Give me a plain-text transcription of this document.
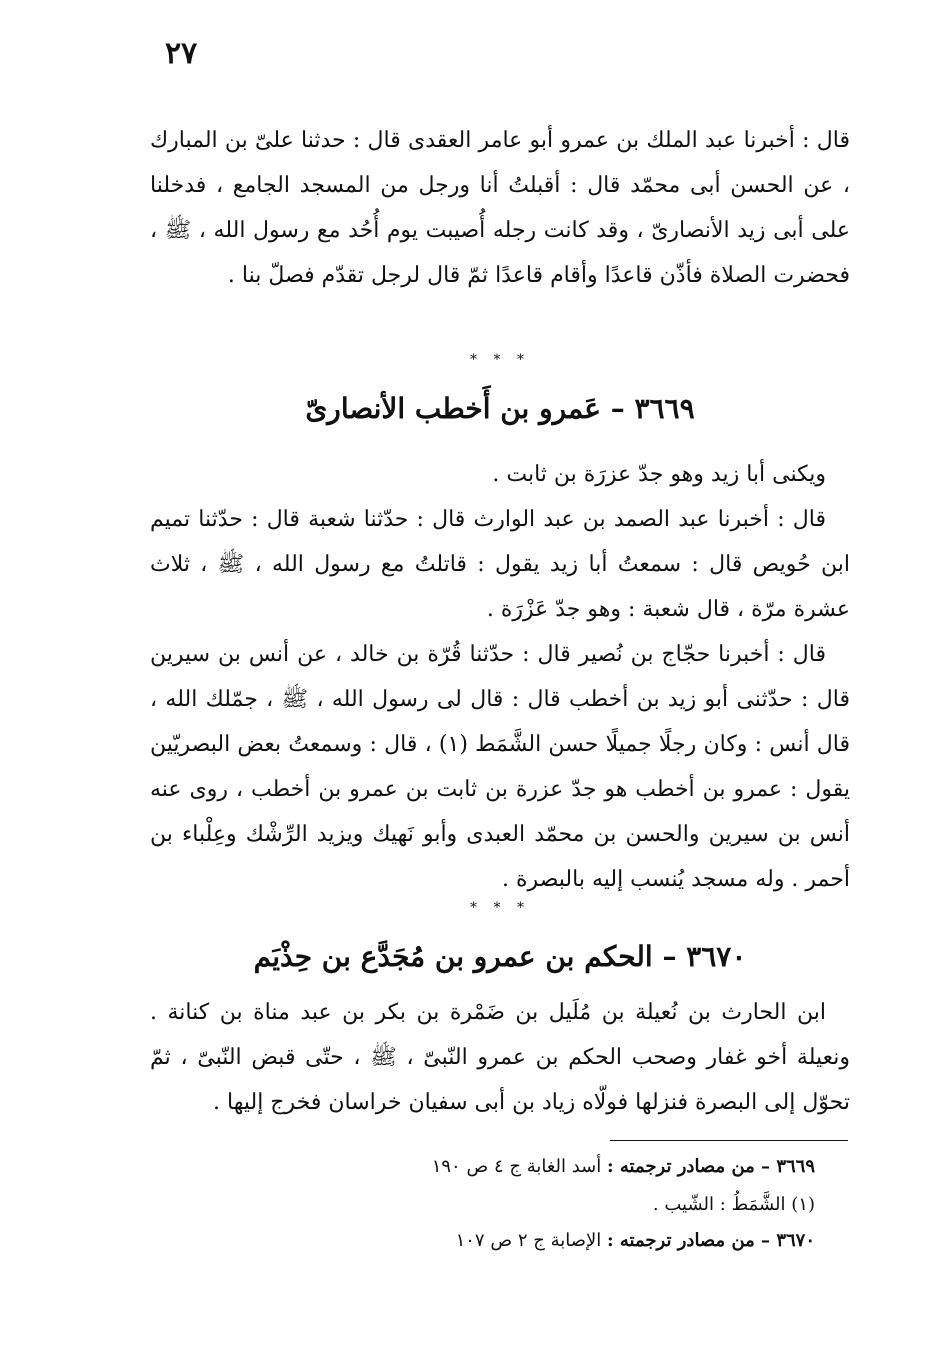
٢٧

قال : أخبرنا عبد الملك بن عمرو أبو عامر العقدى قال : حدثنا علىّ بن المبارك ، عن الحسن أبى محمّد قال : أقبلتُ أنا ورجل من المسجد الجامع ، فدخلنا على أبى زيد الأنصارىّ ، وقد كانت رجله أُصيبت يوم أُحُد مع رسول الله ، ﷺ ، فحضرت الصلاة فأذّن قاعدًا وأقام قاعدًا ثمّ قال لرجل تقدّم فصلّ بنا .

* * *
٣٦٦٩ – عَمرو بن أَخطب الأنصارىّ

ويكنى أبا زيد وهو جدّ عزرَة بن ثابت .

قال : أخبرنا عبد الصمد بن عبد الوارث قال : حدّثنا شعبة قال : حدّثنا تميم ابن حُويص قال : سمعتُ أبا زيد يقول : قاتلتُ مع رسول الله ، ﷺ ، ثلاث عشرة مرّة ، قال شعبة : وهو جدّ عَزْرَة .

قال : أخبرنا حجّاج بن نُصير قال : حدّثنا قُرّة بن خالد ، عن أنس بن سيرين قال : حدّثنى أبو زيد بن أخطب قال : قال لى رسول الله ، ﷺ ، جمّلك الله ، قال أنس : وكان رجلًا جميلًا حسن الشَّمَط (١) ، قال : وسمعتُ بعض البصريّين يقول : عمرو بن أخطب هو جدّ عزرة بن ثابت بن عمرو بن أخطب ، روى عنه أنس بن سيرين والحسن بن محمّد العبدى وأبو نَهيك ويزيد الرِّشْك وعِلْباء بن أحمر . وله مسجد يُنسب إليه بالبصرة .

* * *
٣٦٧٠ – الحكم بن عمرو بن مُجَدَّع بن حِذْيَم

ابن الحارث بن نُعيلة بن مُلَيل بن ضَمْرة بن بكر بن عبد مناة بن كنانة . ونعيلة أخو غفار وصحب الحكم بن عمرو النّبىّ ، ﷺ ، حتّى قبض النّبىّ ، ثمّ تحوّل إلى البصرة فنزلها فولّاه زياد بن أبى سفيان خراسان فخرج إليها .

٣٦٦٩ – من مصادر ترجمته : أسد الغابة ج ٤ ص ١٩٠
(١) الشَّمَطُ : الشّيب .
٣٦٧٠ – من مصادر ترجمته : الإصابة ج ٢ ص ١٠٧
